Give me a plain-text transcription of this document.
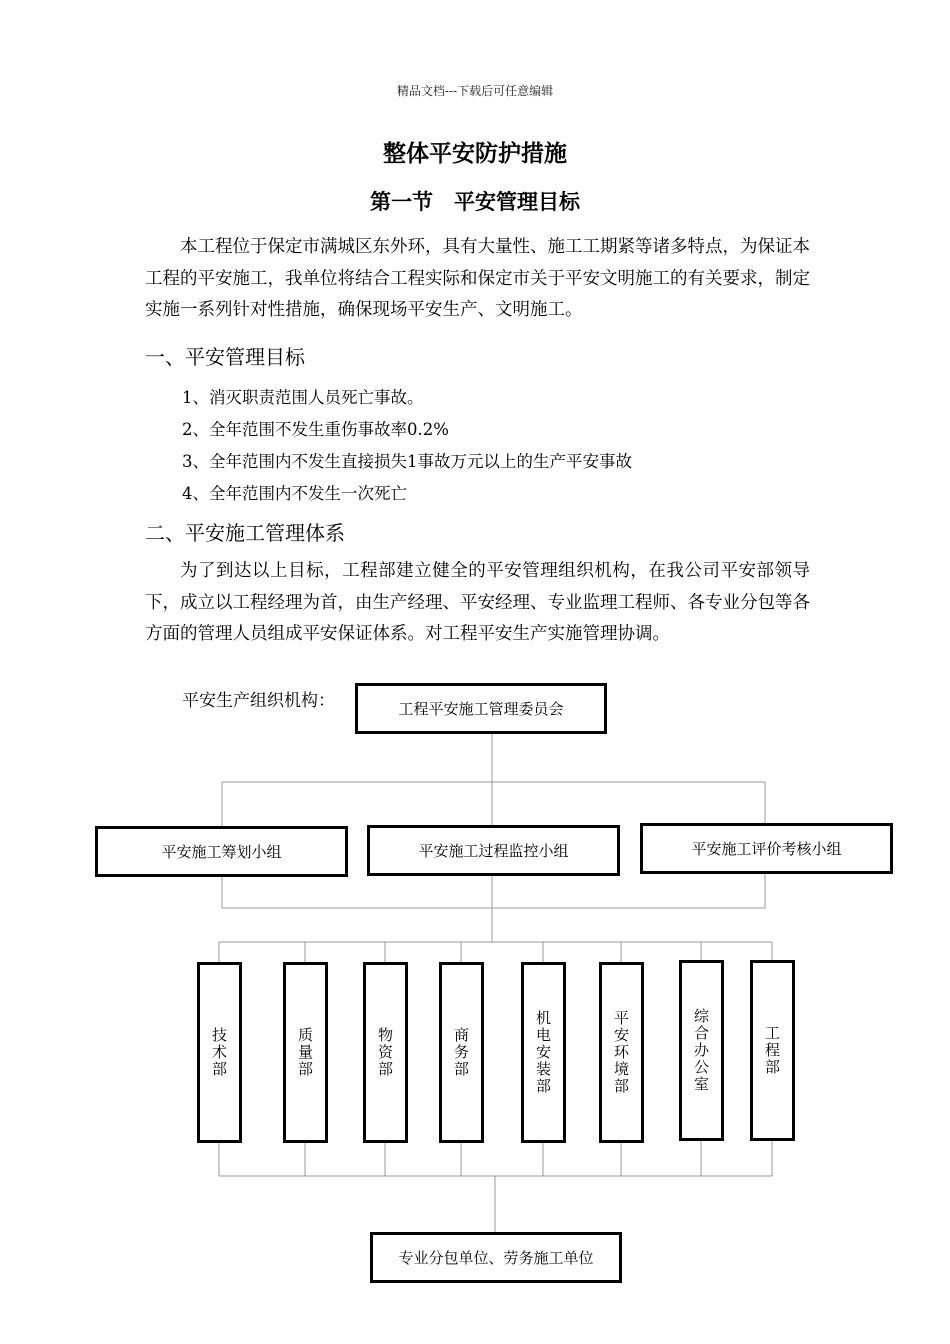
精品文档---下载后可任意编辑
整体平安防护措施
第一节　平安管理目标

本工程位于保定市满城区东外环，具有大量性、施工工期紧等诸多特点，为保证本工程的平安施工，我单位将结合工程实际和保定市关于平安文明施工的有关要求，制定实施一系列针对性措施，确保现场平安生产、文明施工。

一、平安管理目标
1、消灭职责范围人员死亡事故。
2、全年范围不发生重伤事故率0.2%
3、全年范围内不发生直接损失1事故万元以上的生产平安事故
4、全年范围内不发生一次死亡
二、平安施工管理体系

为了到达以上目标，工程部建立健全的平安管理组织机构，在我公司平安部领导下，成立以工程经理为首，由生产经理、平安经理、专业监理工程师、各专业分包等各方面的管理人员组成平安保证体系。对工程平安生产实施管理协调。

平安生产组织机构：	工程平安施工管理委员会
平安施工筹划小组	平安施工过程监控小组	平安施工评价考核小组
技术部	质量部	物资部	商务部	机电安装部	平安环境部	综合办公室	工程部
专业分包单位、劳务施工单位
